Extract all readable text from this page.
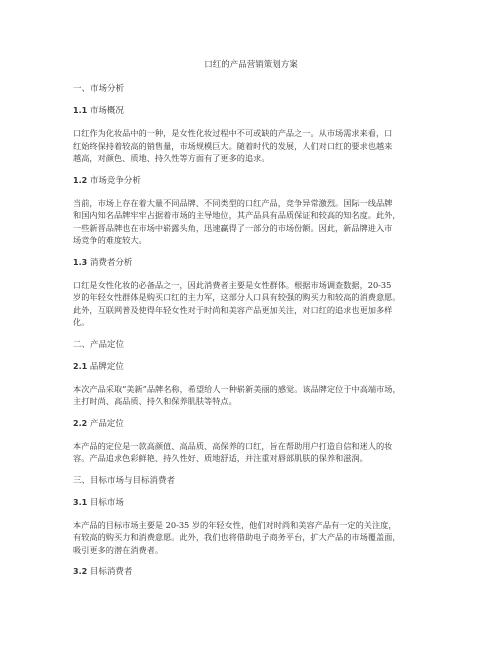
口红的产品营销策划方案
一、市场分析
1.1 市场概况
口红作为化妆品中的一种，是女性化妆过程中不可或缺的产品之一。从市场需求来看，口
红始终保持着较高的销售量，市场规模巨大。随着时代的发展，人们对口红的要求也越来
越高，对颜色、质地、持久性等方面有了更多的追求。
1.2 市场竞争分析
当前，市场上存在着大量不同品牌、不同类型的口红产品，竞争异常激烈。国际一线品牌
和国内知名品牌牢牢占据着市场的主导地位，其产品具有品质保证和较高的知名度。此外，
一些新晋品牌也在市场中崭露头角，迅速赢得了一部分的市场份额。因此，新品牌进入市
场竞争的难度较大。
1.3 消费者分析
口红是女性化妆的必备品之一，因此消费者主要是女性群体。根据市场调查数据，20-35
岁的年轻女性群体是购买口红的主力军，这部分人口具有较强的购买力和较高的消费意愿。
此外，互联网普及使得年轻女性对于时尚和美容产品更加关注，对口红的追求也更加多样
化。
二、产品定位
2.1 品牌定位
本次产品采取“美新”品牌名称，希望给人一种崭新美丽的感觉。该品牌定位于中高端市场，
主打时尚、高品质、持久和保养肌肤等特点。
2.2 产品定位
本产品的定位是一款高颜值、高品质、高保养的口红，旨在帮助用户打造自信和迷人的妆
容。产品追求色彩鲜艳、持久性好、质地舒适，并注重对唇部肌肤的保养和滋润。
三、目标市场与目标消费者
3.1 目标市场
本产品的目标市场主要是 20-35 岁的年轻女性，他们对时尚和美容产品有一定的关注度，
有较高的购买力和消费意愿。此外，我们也将借助电子商务平台，扩大产品的市场覆盖面，
吸引更多的潜在消费者。
3.2 目标消费者
